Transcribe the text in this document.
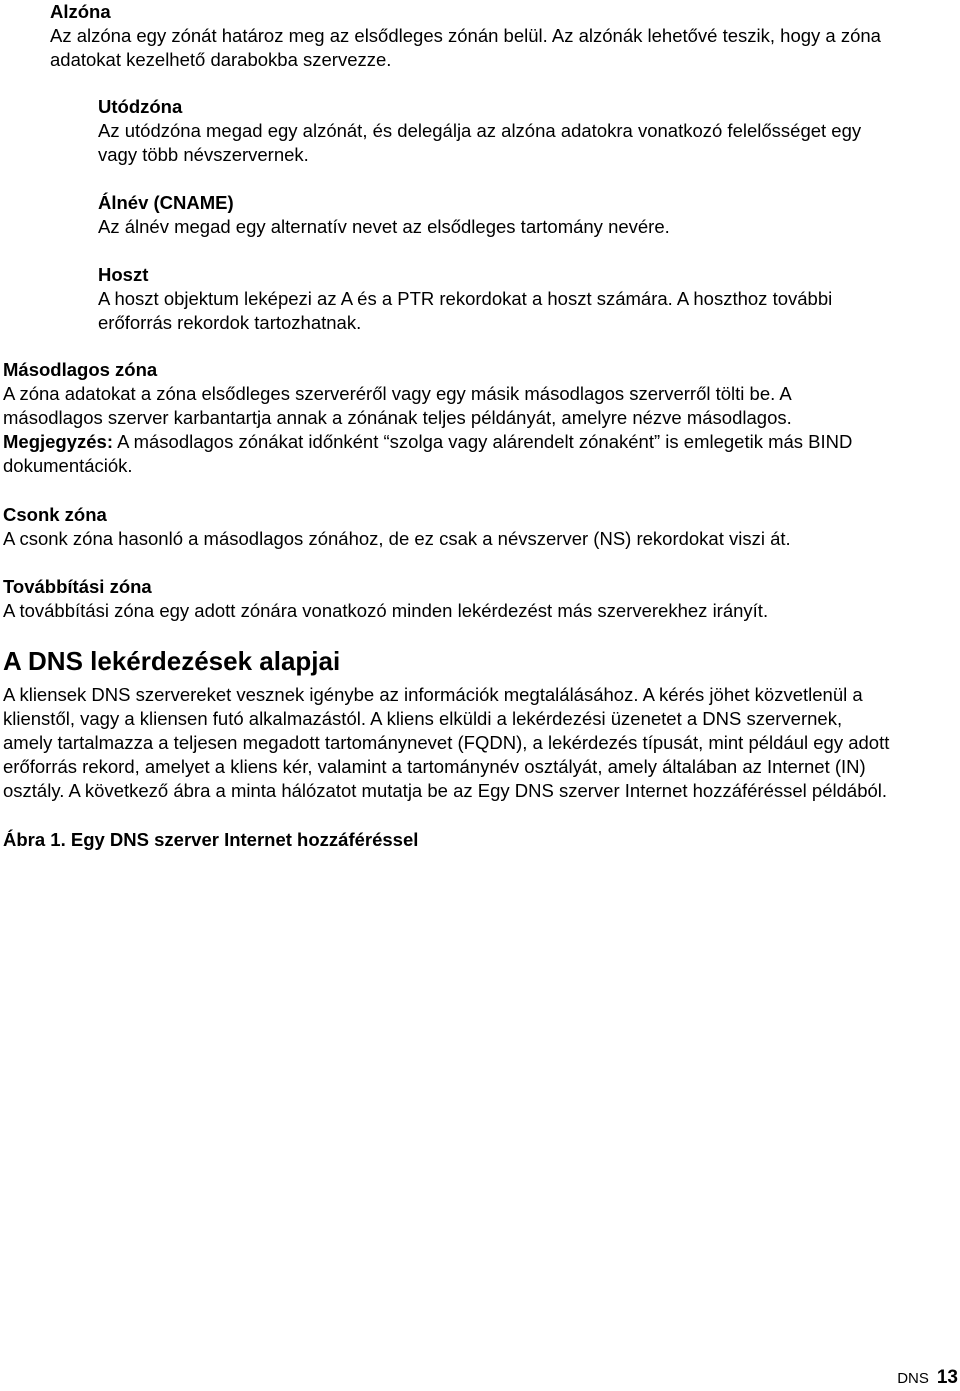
Alzóna

Az alzóna egy zónát határoz meg az elsődleges zónán belül. Az alzónák lehetővé teszik, hogy a zóna
adatokat kezelhető darabokba szervezze.

Utódzóna

Az utódzóna megad egy alzónát, és delegálja az alzóna adatokra vonatkozó felelősséget egy
vagy több névszervernek.

Álnév (CNAME)

Az álnév megad egy alternatív nevet az elsődleges tartomány nevére.

Hoszt

A hoszt objektum leképezi az A és a PTR rekordokat a hoszt számára. A hoszthoz további
erőforrás rekordok tartozhatnak.

Másodlagos zóna

A zóna adatokat a zóna elsődleges szerveréről vagy egy másik másodlagos szerverről tölti be. A
másodlagos szerver karbantartja annak a zónának teljes példányát, amelyre nézve másodlagos.
Megjegyzés: A másodlagos zónákat időnként “szolga vagy alárendelt zónaként” is emlegetik más BIND
dokumentációk.

Csonk zóna

A csonk zóna hasonló a másodlagos zónához, de ez csak a névszerver (NS) rekordokat viszi át.

Továbbítási zóna

A továbbítási zóna egy adott zónára vonatkozó minden lekérdezést más szerverekhez irányít.

A DNS lekérdezések alapjai

A kliensek DNS szervereket vesznek igénybe az információk megtalálásához. A kérés jöhet közvetlenül a
klienstől, vagy a kliensen futó alkalmazástól. A kliens elküldi a lekérdezési üzenetet a DNS szervernek,
amely tartalmazza a teljesen megadott tartománynevet (FQDN), a lekérdezés típusát, mint például egy adott
erőforrás rekord, amelyet a kliens kér, valamint a tartománynév osztályát, amely általában az Internet (IN)
osztály. A következő ábra a minta hálózatot mutatja be az Egy DNS szerver Internet hozzáféréssel példából.

Ábra 1. Egy DNS szerver Internet hozzáféréssel

DNS 13
